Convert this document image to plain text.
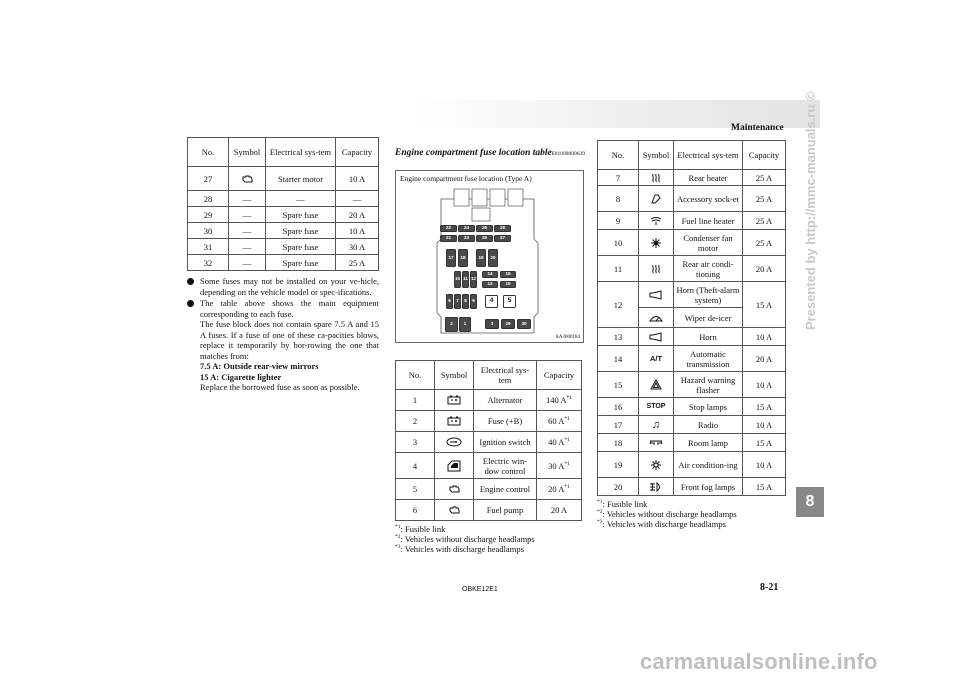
Maintenance
No.	Symbol	Electrical sys-tem	Capacity
27		Starter motor	10 A
28	—	—	—
29	—	Spare fuse	20 A
30	—	Spare fuse	10 A
31	—	Spare fuse	30 A
32	—	Spare fuse	25 A
Some fuses may not be installed on your ve-hicle, depending on the vehicle model or spec-ifications.
The table above shows the main equipment corresponding to each fuse.
The fuse block does not contain spare 7.5 A and 15 A fuses. If a fuse of one of these ca-pacities blows, replace it temporarily by bor-rowing the one that matches from:
7.5 A: Outside rear-view mirrors
15 A: Cigarette lighter
Replace the borrowed fuse as soon as possible.
Engine compartment fuse location table E01008000639
Engine compartment fuse location (Type A)
22	24	26	28
21	23	25	27
17	18	19	20
10 11 12
14	16
13	15
6	7	8	9	4	5
2	1	3	29	30
AA3000184
No.	Symbol	Electrical sys-tem	Capacity
1		Alternator	140 $A^{*1}$
2		Fuse (+B)	60 $A^{*1}$
3		Ignition switch	40 $A^{*1}$
4		Electric win-dow control	30 $A^{*1}$
5		Engine control	20 $A^{*1}$
6		Fuel pump	20 A
$^{*1}$: Fusible link
$^{*2}$: Vehicles without discharge headlamps
$^{*3}$: Vehicles with discharge headlamps
No.	Symbol	Electrical sys-tem	Capacity
7		Rear heater	25 A
8		Accessory sock-et	25 A
9		Fuel line heater	25 A
10		Condenser fan motor	25 A
11		Rear air condi-tioning	20 A
12		Horn (Theft-alarm system)	15 A

	Wiper de-icer	
13		Horn	10 A
14	A/T	Automatic transmission	20 A
15		Hazard warning flasher	10 A
16	STOP	Stop lamps	15 A
17	♫	Radio	10 A
18		Room lamp	15 A
19		Air condition-ing	10 A
20		Front fog lamps	15 A
$^{*1}$: Fusible link
$^{*2}$: Vehicles without discharge headlamps
$^{*3}$: Vehicles with discharge headlamps
OBKE12E1	8-21
8
Presented by http://mmc-manuals.ru ©
carmanualsonline.info
